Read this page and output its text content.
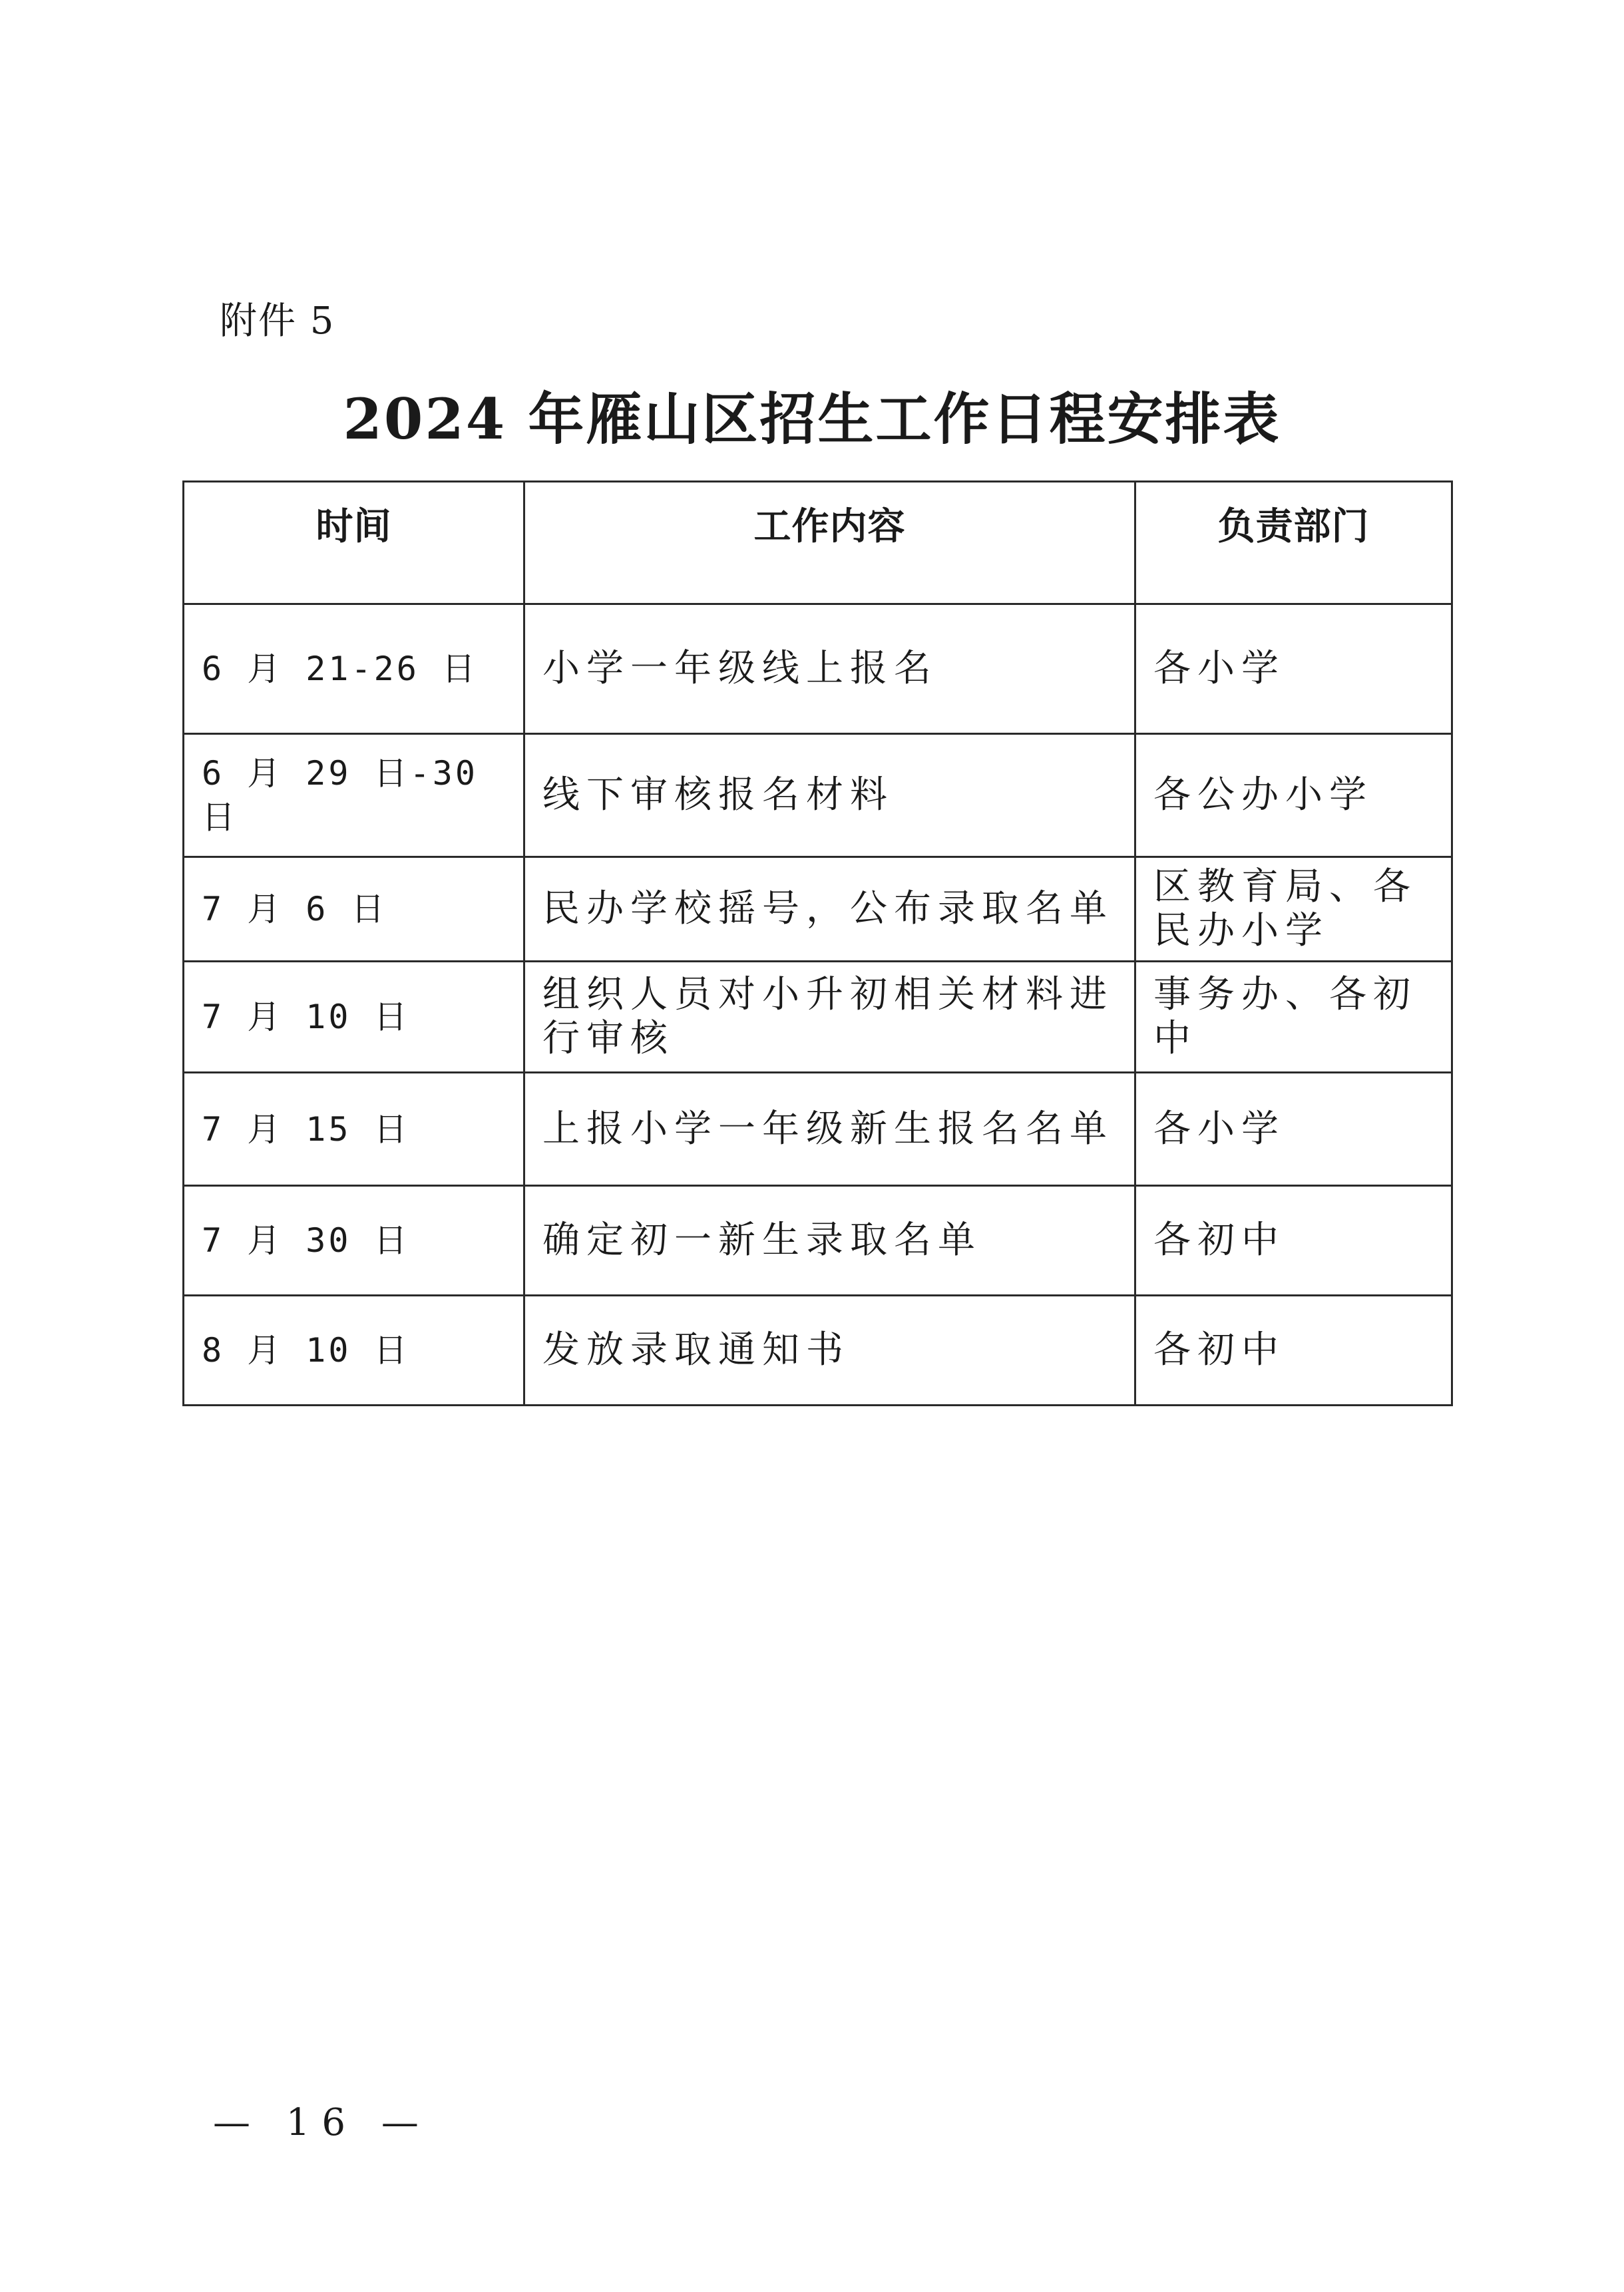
附件 5
2024 年雁山区招生工作日程安排表
时间	工作内容	负责部门
6 月 21-26 日	小学一年级线上报名	各小学
6 月 29 日-30 日	线下审核报名材料	各公办小学
7 月 6 日	民办学校摇号，公布录取名单	区教育局、各民办小学
7 月 10 日	组织人员对小升初相关材料进行审核	事务办、各初中
7 月 15 日	上报小学一年级新生报名名单	各小学
7 月 30 日	确定初一新生录取名单	各初中
8 月 10 日	发放录取通知书	各初中
— 16 —
